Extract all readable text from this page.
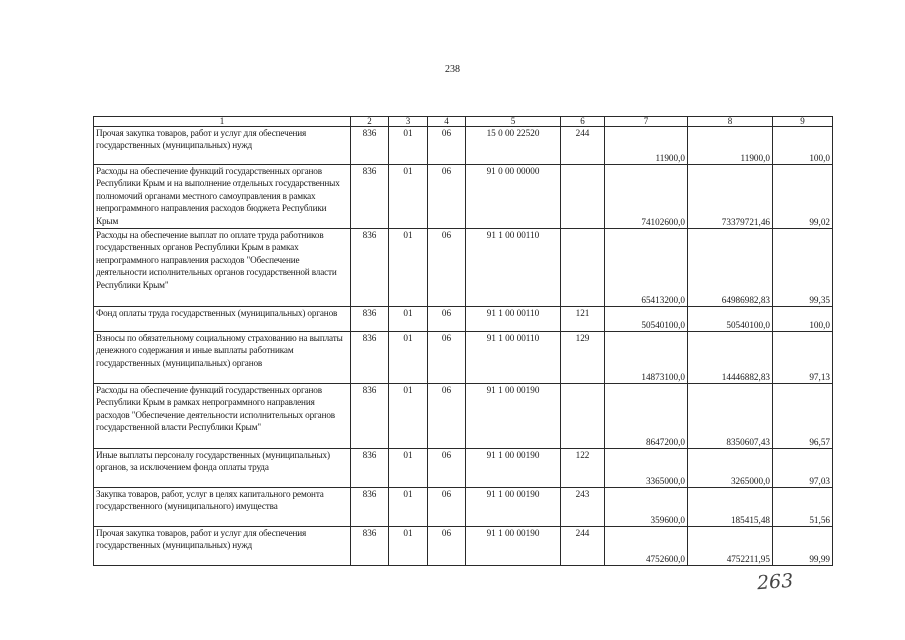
238
1	2	3	4	5	6	7	8	9
Прочая закупка товаров, работ и услуг для обеспечения государственных (муниципальных) нужд	836	01	06	15 0 00 22520	244	11900,0	11900,0	100,0
Расходы на обеспечение функций государственных органов Республики Крым и на выполнение отдельных государственных полномочий органами местного самоуправления в рамках непрограммного направления расходов бюджета Республики Крым	836	01	06	91 0 00 00000		74102600,0	73379721,46	99,02
Расходы на обеспечение выплат по оплате труда работников государственных органов Республики Крым в рамках непрограммного направления расходов "Обеспечение деятельности исполнительных органов государственной власти Республики Крым"	836	01	06	91 1 00 00110		65413200,0	64986982,83	99,35
Фонд оплаты труда государственных (муниципальных) органов	836	01	06	91 1 00 00110	121	50540100,0	50540100,0	100,0
Взносы по обязательному социальному страхованию на выплаты денежного содержания и иные выплаты работникам государственных (муниципальных) органов	836	01	06	91 1 00 00110	129	14873100,0	14446882,83	97,13
Расходы на обеспечение функций государственных органов Республики Крым в рамках непрограммного направления расходов "Обеспечение деятельности исполнительных органов государственной власти Республики Крым"	836	01	06	91 1 00 00190		8647200,0	8350607,43	96,57
Иные выплаты персоналу государственных (муниципальных) органов, за исключением фонда оплаты труда	836	01	06	91 1 00 00190	122	3365000,0	3265000,0	97,03
Закупка товаров, работ, услуг в целях капитального ремонта государственного (муниципального) имущества	836	01	06	91 1 00 00190	243	359600,0	185415,48	51,56
Прочая закупка товаров, работ и услуг для обеспечения государственных (муниципальных) нужд	836	01	06	91 1 00 00190	244	4752600,0	4752211,95	99,99
263
